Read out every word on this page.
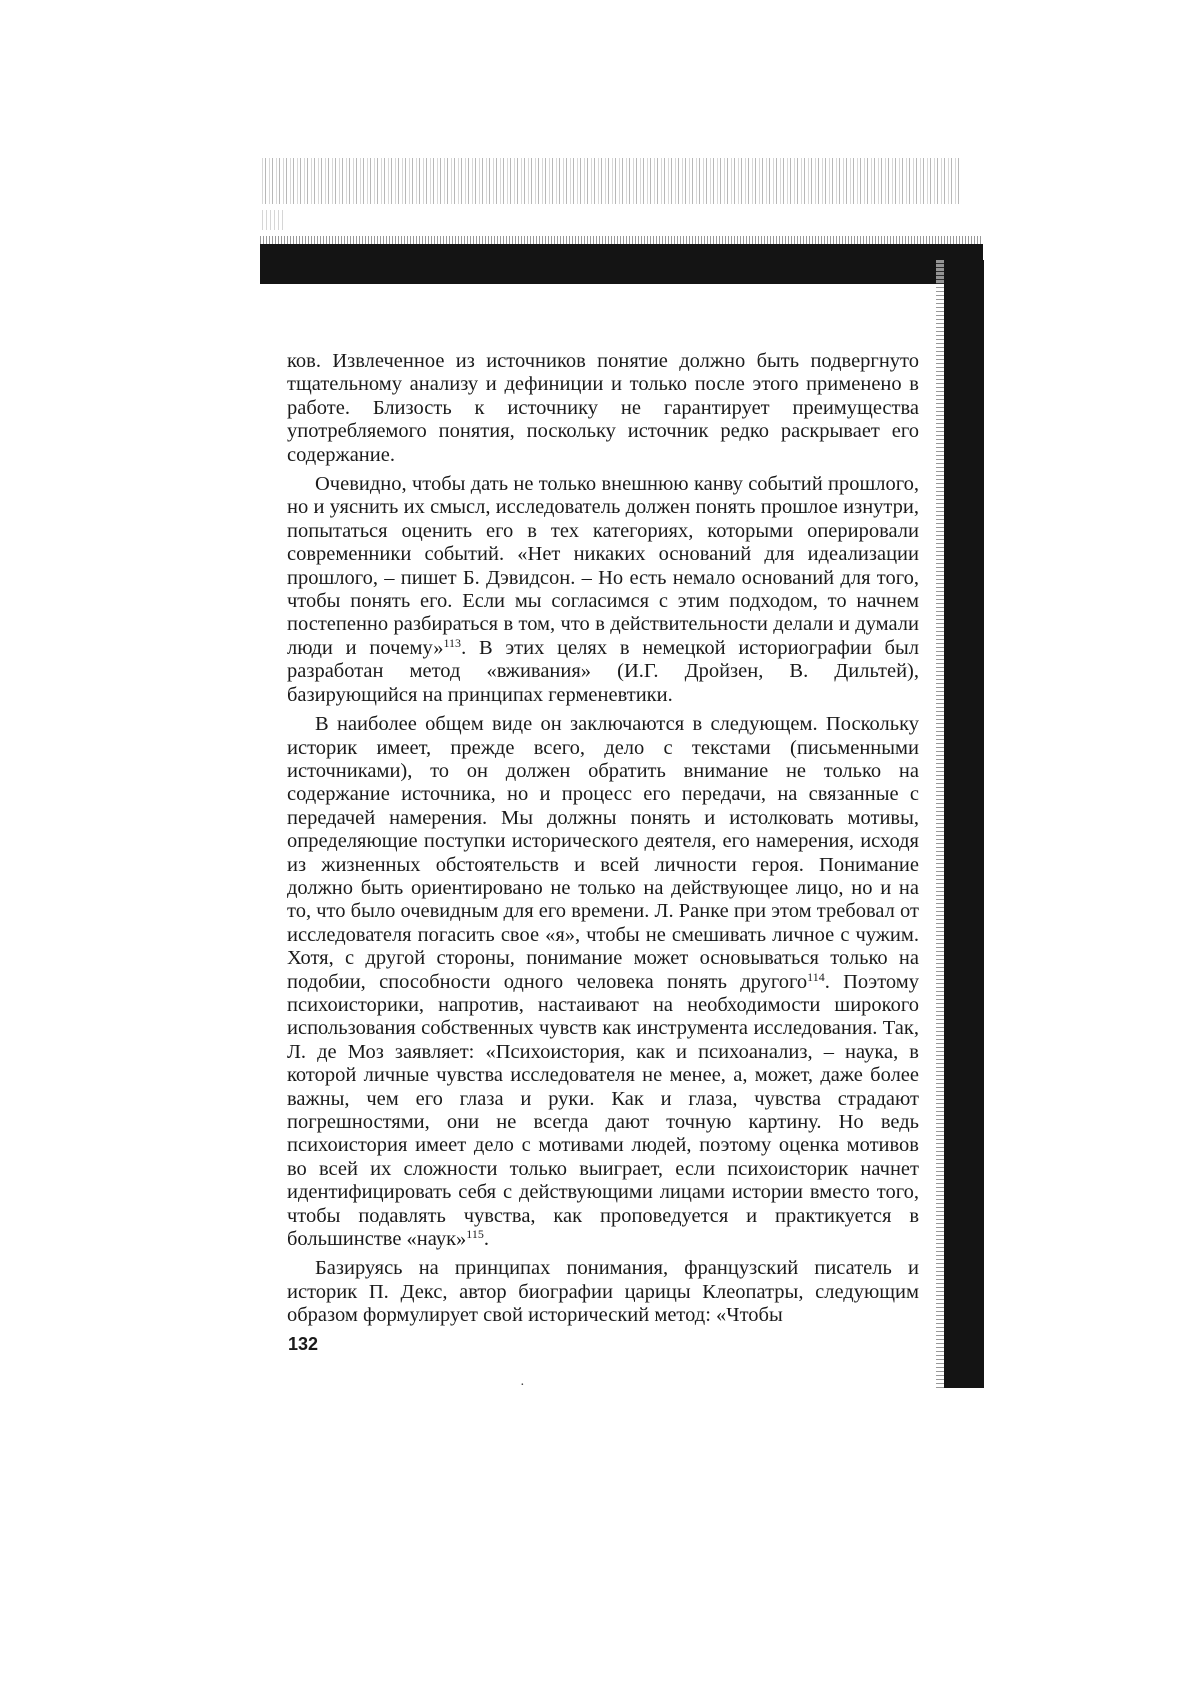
ков. Извлеченное из источников понятие должно быть подвергнуто тщательному анализу и дефиниции и только после этого применено в работе. Близость к источнику не гарантирует преимущества употребляемого понятия, поскольку источник редко раскрывает его содержание.

Очевидно, чтобы дать не только внешнюю канву событий прошлого, но и уяснить их смысл, исследователь должен понять прошлое изнутри, попытаться оценить его в тех категориях, которыми оперировали современники событий. «Нет никаких оснований для идеализации прошлого, – пишет Б. Дэвидсон. – Но есть немало оснований для того, чтобы понять его. Если мы согласимся с этим подходом, то начнем постепенно разбираться в том, что в действительности делали и думали люди и почему»$^{113}$. В этих целях в немецкой историографии был разработан метод «вживания» (И.Г. Дройзен, В. Дильтей), базирующийся на принципах герменевтики.

В наиболее общем виде он заключаются в следующем. Поскольку историк имеет, прежде всего, дело с текстами (письменными источниками), то он должен обратить внимание не только на содержание источника, но и процесс его передачи, на связанные с передачей намерения. Мы должны понять и истолковать мотивы, определяющие поступки исторического деятеля, его намерения, исходя из жизненных обстоятельств и всей личности героя. Понимание должно быть ориентировано не только на действующее лицо, но и на то, что было очевидным для его времени. Л. Ранке при этом требовал от исследователя погасить свое «я», чтобы не смешивать личное с чужим. Хотя, с другой стороны, понимание может основываться только на подобии, способности одного человека понять другого$^{114}$. Поэтому психоисторики, напротив, настаивают на необходимости широкого использования собственных чувств как инструмента исследования. Так, Л. де Моз заявляет: «Психоистория, как и психоанализ, – наука, в которой личные чувства исследователя не менее, а, может, даже более важны, чем его глаза и руки. Как и глаза, чувства страдают погрешностями, они не всегда дают точную картину. Но ведь психоистория имеет дело с мотивами людей, поэтому оценка мотивов во всей их сложности только выиграет, если психоисторик начнет идентифицировать себя с действующими лицами истории вместо того, чтобы подавлять чувства, как проповедуется и практикуется в большинстве «наук»$^{115}$.

Базируясь на принципах понимания, французский писатель и историк П. Декс, автор биографии царицы Клеопатры, следующим образом формулирует свой исторический метод: «Чтобы

132
·
